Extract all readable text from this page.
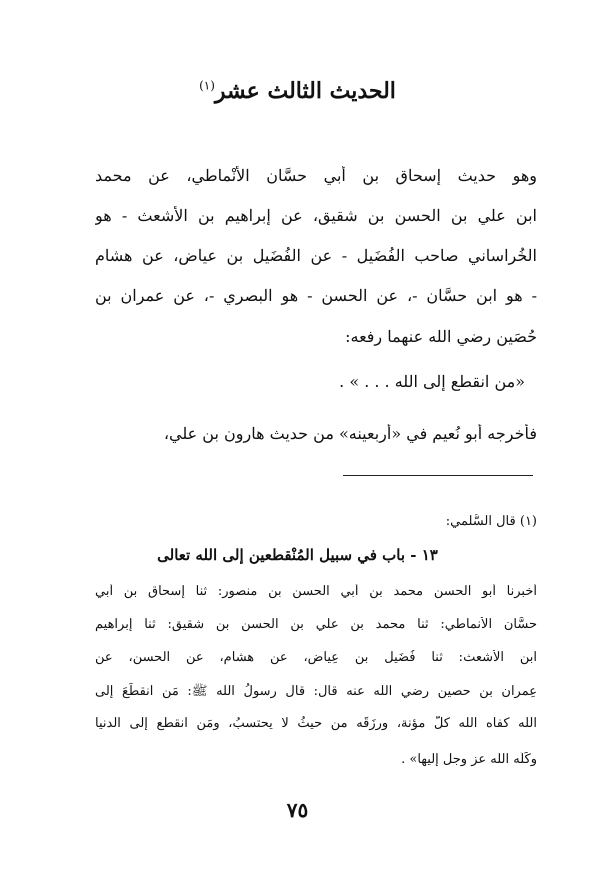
الحديث الثالث عشر$^{(١)}$
وهو حديث إسحاق بن أبي حسَّان الأنْماطي، عن محمد
ابن علي بن الحسن بن شقيق، عن إبراهيم بن الأشعث - هو
الخُراساني صاحب الفُضَيل - عن الفُضَيل بن عياض، عن هشام
- هو ابن حسَّان -، عن الحسن - هو البصري -، عن عمران بن
حُصَين رضي الله عنهما رفعه:
«من انقطع إلى الله . . . » .
فأخرجه أبو نُعيم في «أربعينه» من حديث هارون بن علي،
(١) قال السُّلمي:
أخبرنا أبو الحسن محمد بن أبي الحسن بن منصور: ثنا إسحاق بن أبي
حسَّان الأنماطي: ثنا محمد بن علي بن الحسن بن شقيق: ثنا إبراهيم
ابن الأشعث: ثنا فُضَيل بن عِياض، عن هشام، عن الحسن، عن
عِمران بن حصين رضي الله عنه قال: قال رسولُ الله ﷺ: مَن انقطَعَ إلى
الله كفاه الله كلَّ مؤنة، ورزَقَه من حيثُ لا يحتسبُ، ومَن انقطع إلى الدنيا
وكَلَه الله عز وجل إليها» .
١٣ - باب في سبيل المُنْقطعين إلى الله تعالى
٧٥
